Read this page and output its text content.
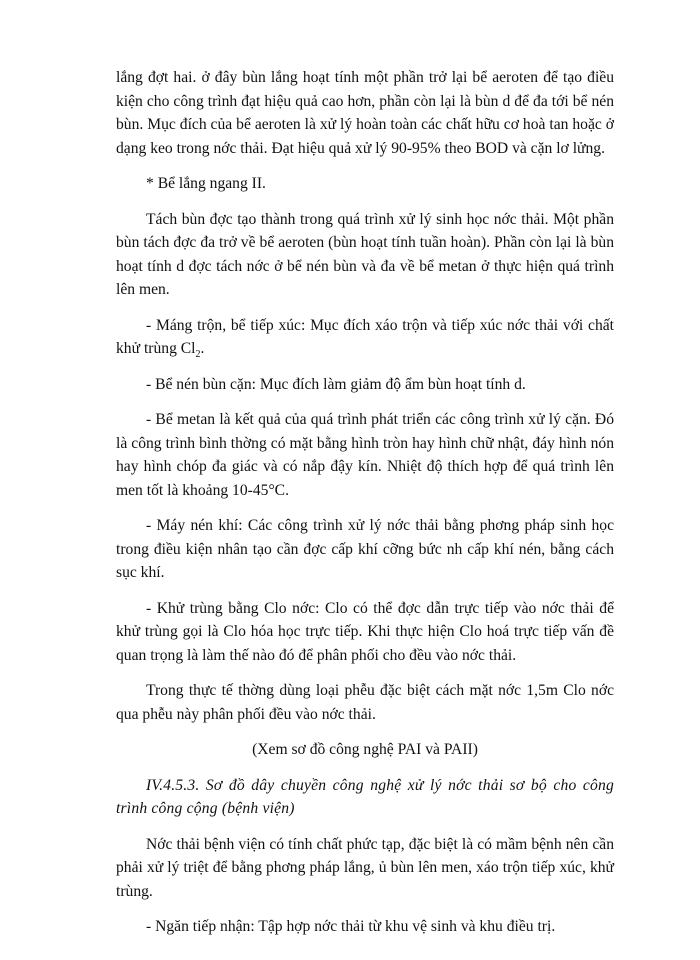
lắng đợt hai. ở đây bùn lắng hoạt tính một phần trở lại bể aeroten để tạo điều kiện cho công trình đạt hiệu quả cao hơn, phần còn lại là bùn d để đa tới bể nén bùn. Mục đích của bể aeroten là xử lý hoàn toàn các chất hữu cơ hoà tan hoặc ở dạng keo trong nớc thải. Đạt hiệu quả xử lý 90-95% theo BOD và cặn lơ lửng.

* Bể lắng ngang II.

Tách bùn đợc tạo thành trong quá trình xử lý sinh học nớc thải. Một phần bùn tách đợc đa trở về bể aeroten (bùn hoạt tính tuần hoàn). Phần còn lại là bùn hoạt tính d đợc tách nớc ở bể nén bùn và đa về bể metan ở thực hiện quá trình lên men.

- Máng trộn, bể tiếp xúc: Mục đích xáo trộn và tiếp xúc nớc thải với chất khử trùng $Cl_2$.

- Bể nén bùn cặn: Mục đích làm giảm độ ẩm bùn hoạt tính d.

- Bể metan là kết quả của quá trình phát triển các công trình xử lý cặn. Đó là công trình bình thờng có mặt bằng hình tròn hay hình chữ nhật, đáy hình nón hay hình chóp đa giác và có nắp đậy kín. Nhiệt độ thích hợp để quá trình lên men tốt là khoảng 10-45°C.

- Máy nén khí: Các công trình xử lý nớc thải bằng phơng pháp sinh học trong điều kiện nhân tạo cần đợc cấp khí cỡng bức nh cấp khí nén, bằng cách sục khí.

- Khử trùng bằng Clo nớc: Clo có thể đợc dẫn trực tiếp vào nớc thải để khử trùng gọi là Clo hóa học trực tiếp. Khi thực hiện Clo hoá trực tiếp vấn đề quan trọng là làm thế nào đó để phân phối cho đều vào nớc thải.

Trong thực tế thờng dùng loại phễu đặc biệt cách mặt nớc 1,5m Clo nớc qua phễu này phân phối đều vào nớc thải.

(Xem sơ đồ công nghệ PAI và PAII)

IV.4.5.3. Sơ đồ dây chuyền công nghệ xử lý nớc thải sơ bộ cho công trình công cộng (bệnh viện)

Nớc thải bệnh viện có tính chất phức tạp, đặc biệt là có mầm bệnh nên cần phải xử lý triệt để bằng phơng pháp lắng, ủ bùn lên men, xáo trộn tiếp xúc, khử trùng.

- Ngăn tiếp nhận: Tập hợp nớc thải từ khu vệ sinh và khu điều trị.
